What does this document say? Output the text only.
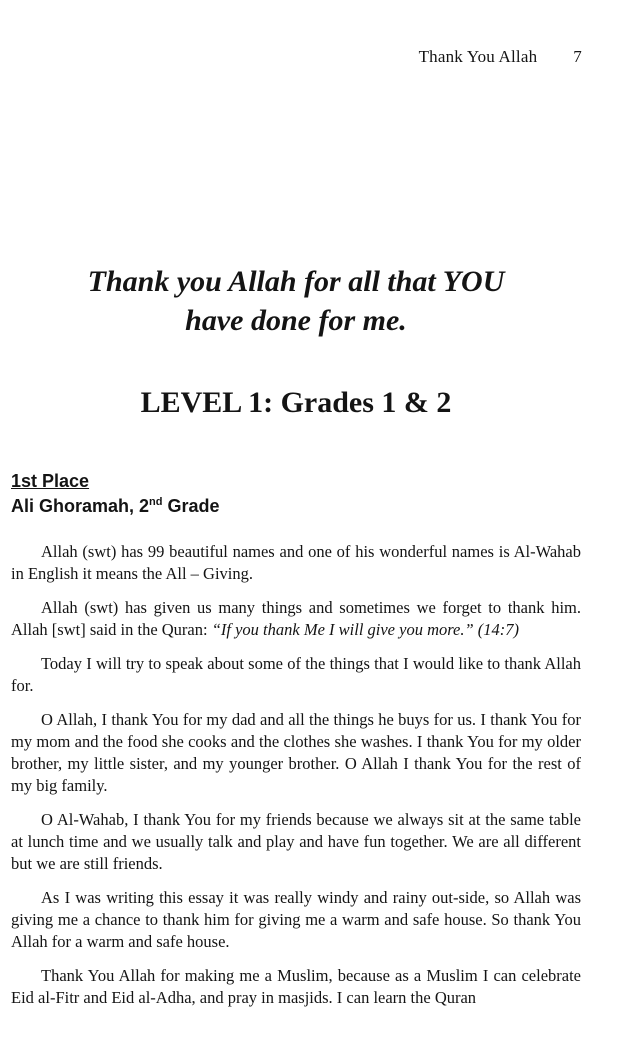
Thank You Allah 7
Thank you Allah for all that YOU
have done for me.
LEVEL 1: Grades 1 & 2
1st Place
Ali Ghoramah, 2nd Grade

Allah (swt) has 99 beautiful names and one of his wonderful names is Al-Wahab in English it means the All – Giving.

Allah (swt) has given us many things and sometimes we forget to thank him. Allah [swt] said in the Quran: “If you thank Me I will give you more.” (14:7)

Today I will try to speak about some of the things that I would like to thank Allah for.

O Allah, I thank You for my dad and all the things he buys for us. I thank You for my mom and the food she cooks and the clothes she washes. I thank You for my older brother, my little sister, and my younger brother. O Allah I thank You for the rest of my big family.

O Al-Wahab, I thank You for my friends because we always sit at the same table at lunch time and we usually talk and play and have fun together. We are all different but we are still friends.

As I was writing this essay it was really windy and rainy out-side, so Allah was giving me a chance to thank him for giving me a warm and safe house. So thank You Allah for a warm and safe house.

Thank You Allah for making me a Muslim, because as a Muslim I can celebrate Eid al-Fitr and Eid al-Adha, and pray in masjids. I can learn the Quran
